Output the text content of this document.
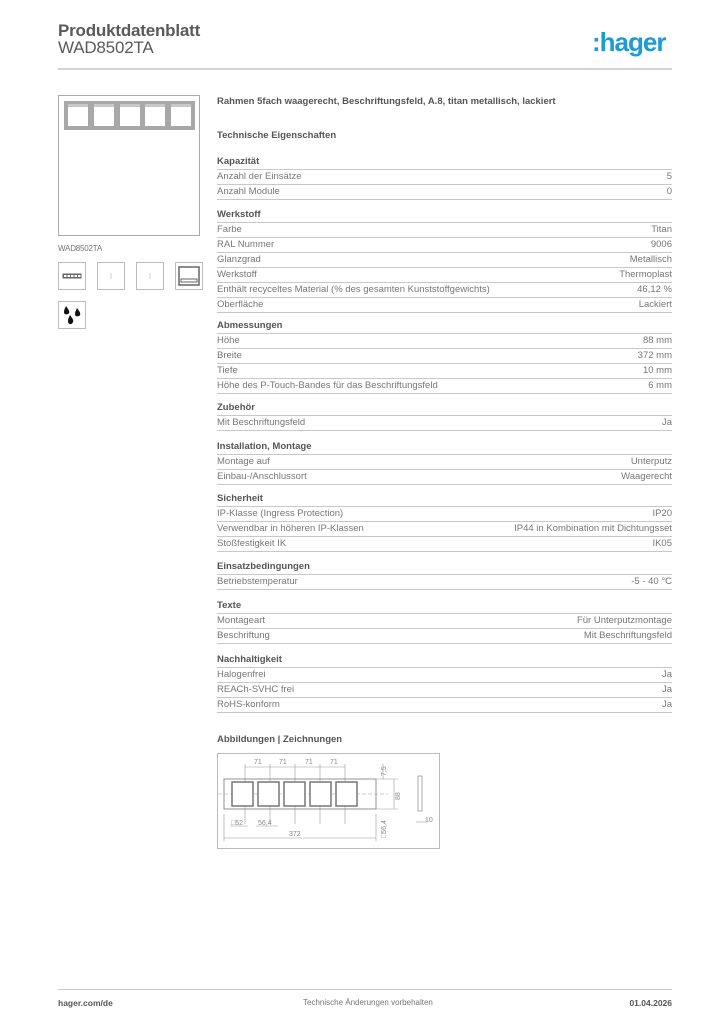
Produktdatenblatt
WAD8502TA	:hager
WAD8502TA
Rahmen 5fach waagerecht, Beschriftungsfeld, A.8, titan metallisch, lackiert
Technische Eigenschaften
Kapazität
Anzahl der Einsätze	5
Anzahl Module	0
Werkstoff
Farbe	Titan
RAL Nummer	9006
Glanzgrad	Metallisch
Werkstoff	Thermoplast
Enthält recyceltes Material (% des gesamten Kunststoffgewichts)	46,12 %
Oberfläche	Lackiert
Abmessungen
Höhe	88 mm
Breite	372 mm
Tiefe	10 mm
Höhe des P-Touch-Bandes für das Beschriftungsfeld	6 mm
Zubehör
Mit Beschriftungsfeld	Ja
Installation, Montage
Montage auf	Unterputz
Einbau-/Anschlussort	Waagerecht
Sicherheit
IP-Klasse (Ingress Protection)	IP20
Verwendbar in höheren IP-Klassen	IP44 in Kombination mit Dichtungsset
Stoßfestigkeit IK	IK05
Einsatzbedingungen
Betriebstemperatur	-5 - 40 °C
Texte
Montageart	Für Unterputzmontage
Beschriftung	Mit Beschriftungsfeld
Nachhaltigkeit
Halogenfrei	Ja
REACh-SVHC frei	Ja
RoHS-konform	Ja
Abbildungen | Zeichnungen
71 71	71 71
□52 56,4
372
10
7,5
88
□56,4
hager.com/de	Technische Änderungen vorbehalten	01.04.2026
